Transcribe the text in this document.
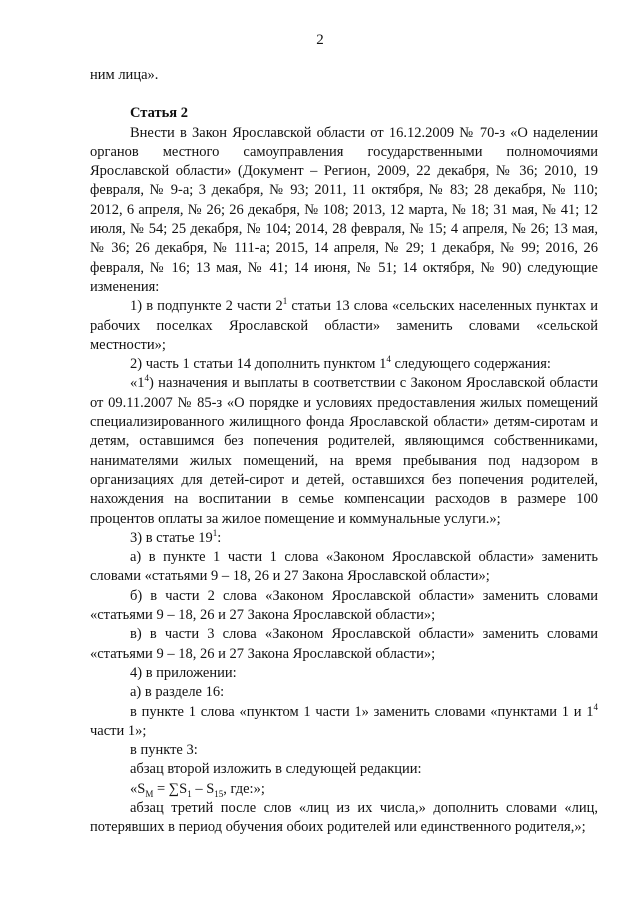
2

ним лица».

Статья 2

Внести в Закон Ярославской области от 16.12.2009 № 70-з «О наделении органов местного самоуправления государственными полномочиями Ярославской области» (Документ – Регион, 2009, 22 декабря, № 36; 2010, 19 февраля, № 9-а; 3 декабря, № 93; 2011, 11 октября, № 83; 28 декабря, № 110; 2012, 6 апреля, № 26; 26 декабря, № 108; 2013, 12 марта, № 18; 31 мая, № 41; 12 июля, № 54; 25 декабря, № 104; 2014, 28 февраля, № 15; 4 апреля, № 26; 13 мая, № 36; 26 декабря, № 111-а; 2015, 14 апреля, № 29; 1 декабря, № 99; 2016, 26 февраля, № 16; 13 мая, № 41; 14 июня, № 51; 14 октября, № 90) следующие изменения:

1) в подпункте 2 части $2^1$ статьи 13 слова «сельских населенных пунктах и рабочих поселках Ярославской области» заменить словами «сельской местности»;

2) часть 1 статьи 14 дополнить пунктом $1^4$ следующего содержания:

«$1^4$) назначения и выплаты в соответствии с Законом Ярославской области от 09.11.2007 № 85-з «О порядке и условиях предоставления жилых помещений специализированного жилищного фонда Ярославской области» детям-сиротам и детям, оставшимся без попечения родителей, являющимся собственниками, нанимателями жилых помещений, на время пребывания под надзором в организациях для детей-сирот и детей, оставшихся без попечения родителей, нахождения на воспитании в семье компенсации расходов в размере 100 процентов оплаты за жилое помещение и коммунальные услуги.»;

3) в статье $19^1$:

а) в пункте 1 части 1 слова «Законом Ярославской области» заменить словами «статьями 9 – 18, 26 и 27 Закона Ярославской области»;

б) в части 2 слова «Законом Ярославской области» заменить словами «статьями 9 – 18, 26 и 27 Закона Ярославской области»;

в) в части 3 слова «Законом Ярославской области» заменить словами «статьями 9 – 18, 26 и 27 Закона Ярославской области»;

4) в приложении:

а) в разделе 16:

в пункте 1 слова «пунктом 1 части 1» заменить словами «пунктами 1 и $1^4$ части 1»;

в пункте 3:

абзац второй изложить в следующей редакции:

«$S_М = \sum S_1 - S_{15}$, где:»;

абзац третий после слов «лиц из их числа,» дополнить словами «лиц, потерявших в период обучения обоих родителей или единственного родителя,»;
